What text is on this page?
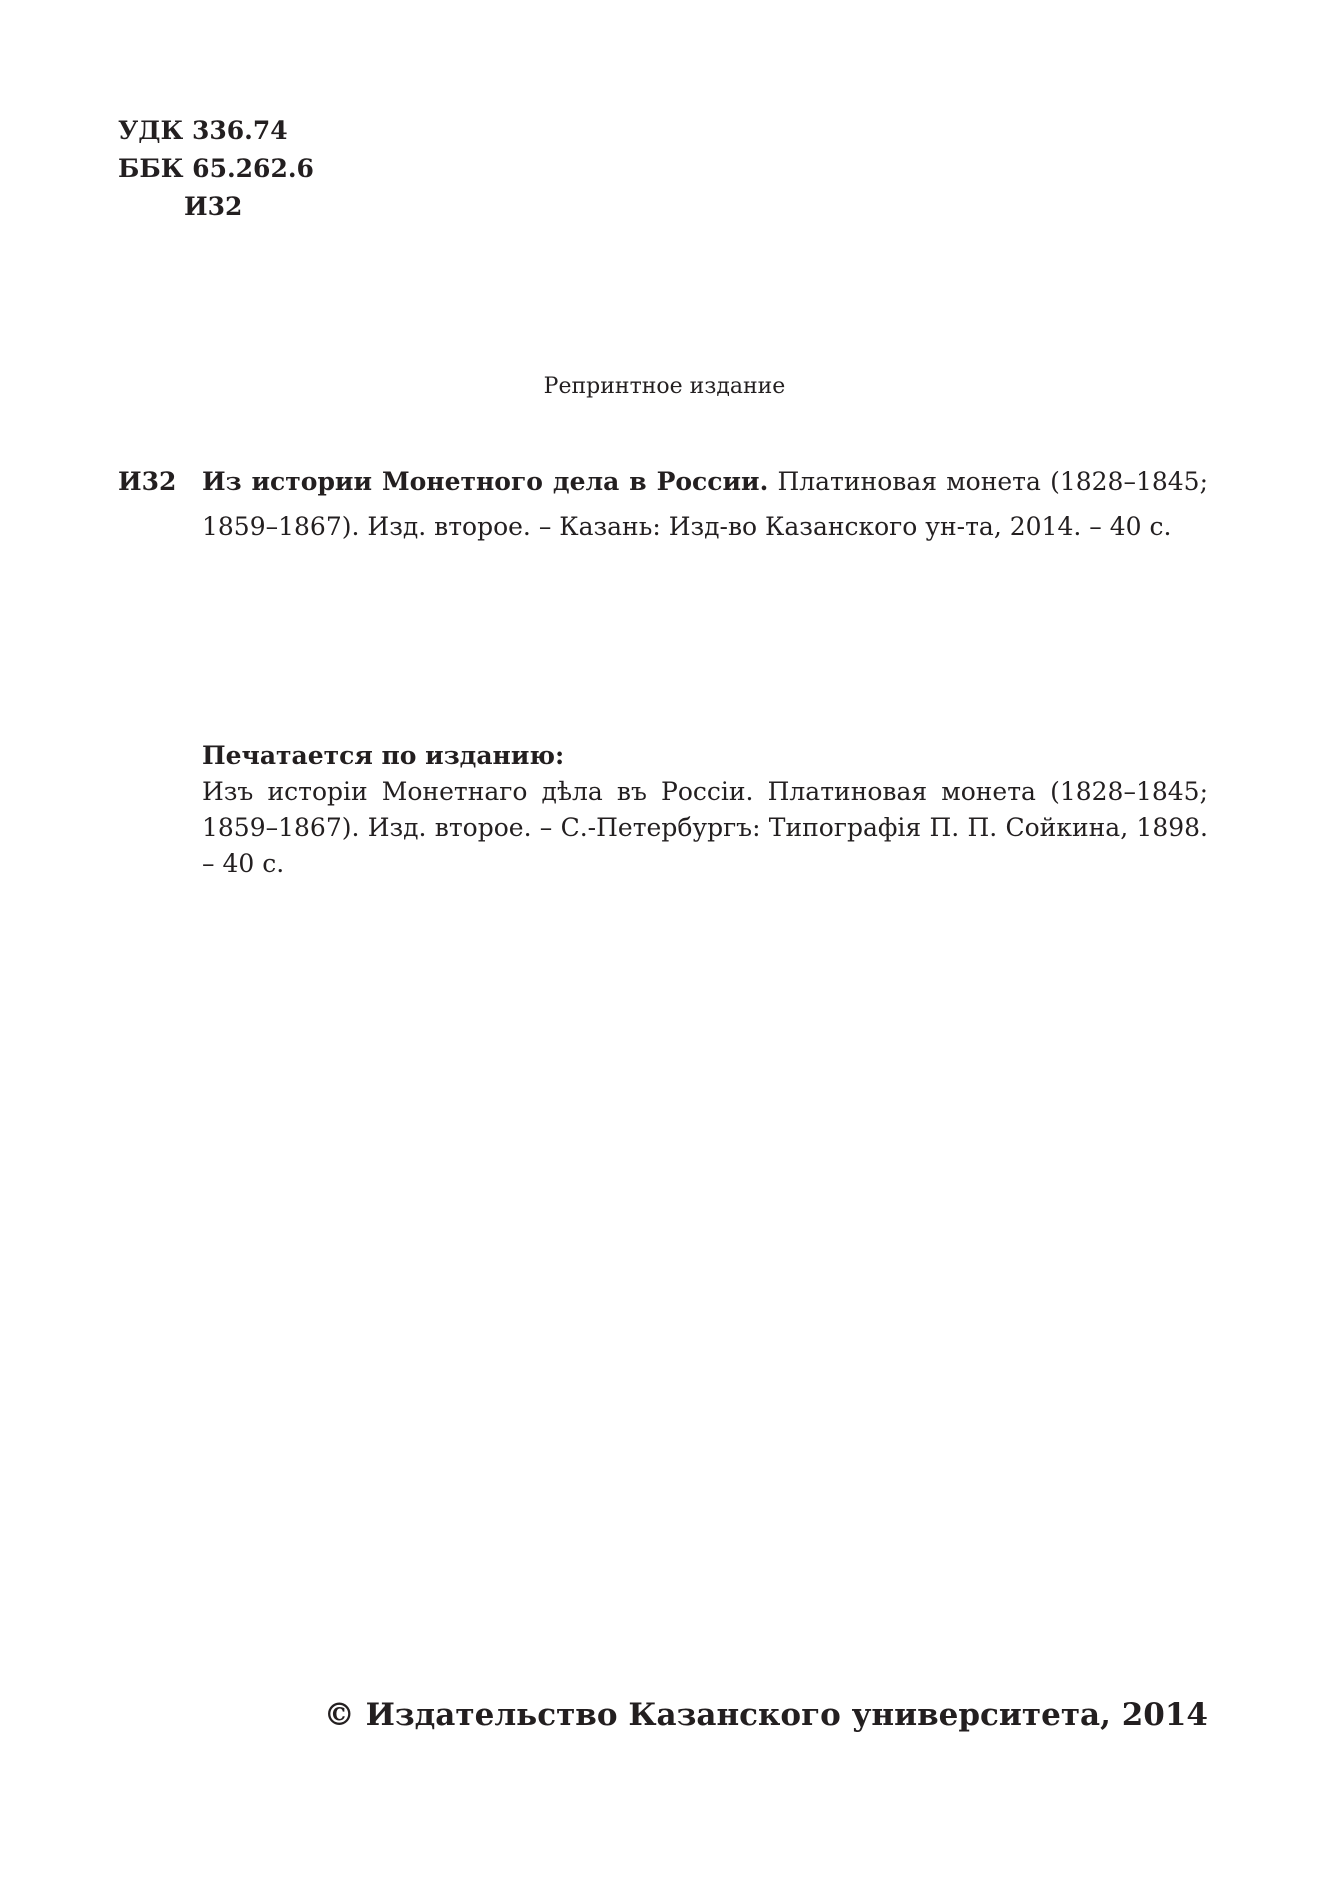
УДК 336.74
ББК 65.262.6
И32
Репринтное издание
И32 Из истории Монетного дела в России. Платиновая монета (1828–1845; 1859–1867). Изд. второе. – Казань: Изд-во Казанского ун-та, 2014. – 40 с.
Печатается по изданию:
Изъ исторіи Монетнаго дѣла въ Россіи. Платиновая монета (1828–1845; 1859–1867). Изд. второе. – С.-Петербургъ: Типографія П. П. Сойкина, 1898. – 40 с.
© Издательство Казанского университета, 2014
